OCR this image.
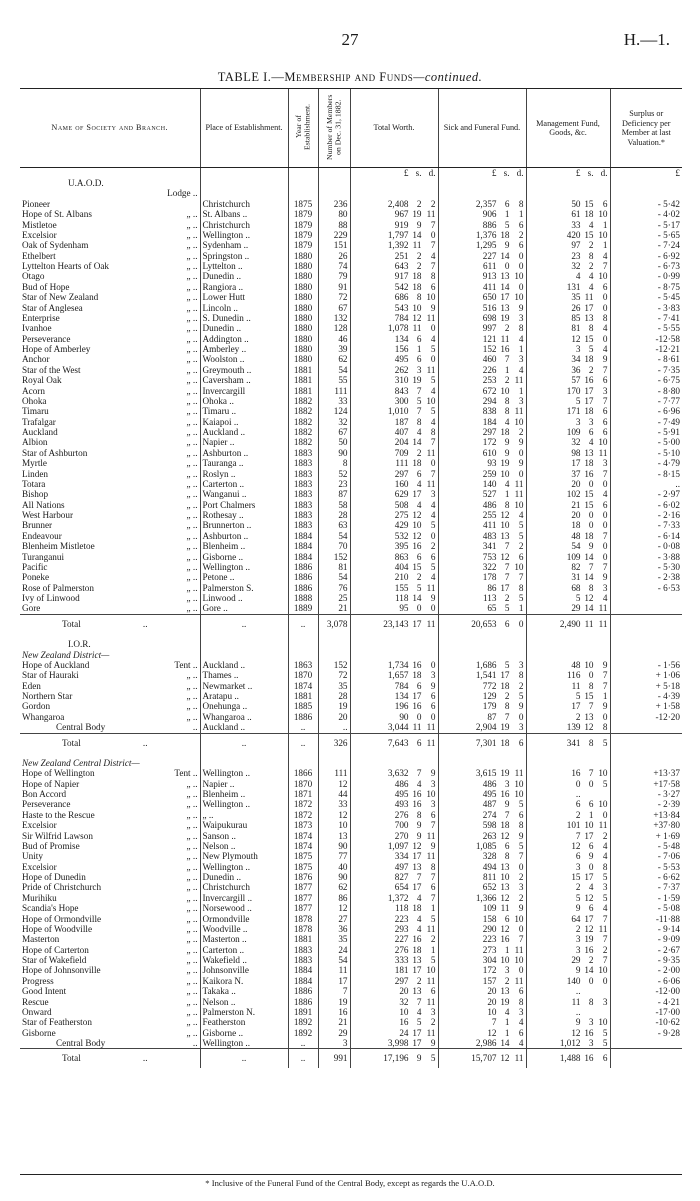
27	H.—1.
TABLE I.—Membership and Funds—continued.
Name of Society and Branch.	Place of Establishment.	Year of Establishment.	Number of Members on Dec. 31, 1882.	Total Worth.	Sick and Funeral Fund.	Management Fund, Goods, &c.	Surplus or Deficiency per Member at last Valuation.*

				£ s. d.	£ s. d.	£ s. d.	£

U.A.O.D.
Lodge ..							

Pioneer	Christchurch	1875	236	2,408 2 2	2,357 6 8	50 15 6	- 5·42

Hope of St. Albans „ ..	St. Albans ..	1879	80	967 19 11	906 1 1	61 18 10	- 4·02

Mistletoe „ ..	Christchurch	1879	88	919 9 7	886 5 6	33 4 1	- 5·17

Excelsior „ ..	Wellington ..	1879	229	1,797 14 0	1,376 18 2	420 15 10	- 5·65

Oak of Sydenham „ ..	Sydenham ..	1879	151	1,392 11 7	1,295 9 6	97 2 1	- 7·24

Ethelbert „ ..	Springston ..	1880	26	251 2 4	227 14 0	23 8 4	- 6·92

Lyttelton Hearts of Oak „ ..	Lyttelton ..	1880	74	643 2 7	611 0 0	32 2 7	- 6·73

Otago „ ..	Dunedin ..	1880	79	917 18 8	913 13 10	4 4 10	- 0·99

Bud of Hope „ ..	Rangiora ..	1880	91	542 18 6	411 14 0	131 4 6	- 8·75

Star of New Zealand „ ..	Lower Hutt	1880	72	686 8 10	650 17 10	35 11 0	- 5·45

Star of Anglesea „ ..	Lincoln ..	1880	67	543 10 9	516 13 9	26 17 0	- 3·83

Enterprise „ ..	S. Dunedin ..	1880	132	784 12 11	698 19 3	85 13 8	- 7·41

Ivanhoe „ ..	Dunedin ..	1880	128	1,078 11 0	997 2 8	81 8 4	- 5·55

Perseverance „ ..	Addington ..	1880	46	134 6 4	121 11 4	12 15 0	-12·58

Hope of Amberley „ ..	Amberley ..	1880	39	156 1 5	152 16 1	3 5 4	-12·21

Anchor „ ..	Woolston ..	1880	62	495 6 0	460 7 3	34 18 9	- 8·61

Star of the West „ ..	Greymouth ..	1881	54	262 3 11	226 1 4	36 2 7	- 7·35

Royal Oak „ ..	Caversham ..	1881	55	310 19 5	253 2 11	57 16 6	- 6·75

Acorn „ ..	Invercargill	1881	111	843 7 4	672 10 1	170 17 3	- 8·80

Ohoka „ ..	Ohoka ..	1882	33	300 5 10	294 8 3	5 17 7	- 7·77

Timaru „ ..	Timaru ..	1882	124	1,010 7 5	838 8 11	171 18 6	- 6·96

Trafalgar „ ..	Kaiapoi ..	1882	32	187 8 4	184 4 10	3 3 6	- 7·49

Auckland „ ..	Auckland ..	1882	67	407 4 8	297 18 2	109 6 6	- 5·91

Albion „ ..	Napier ..	1882	50	204 14 7	172 9 9	32 4 10	- 5·00

Star of Ashburton „ ..	Ashburton ..	1883	90	709 2 11	610 9 0	98 13 11	- 5·10

Myrtle „ ..	Tauranga ..	1883	8	111 18 0	93 19 9	17 18 3	- 4·79

Linden „ ..	Roslyn ..	1883	52	297 6 7	259 10 0	37 16 7	- 8·15

Totara „ ..	Carterton ..	1883	23	160 4 11	140 4 11	20 0 0	..

Bishop „ ..	Wanganui ..	1883	87	629 17 3	527 1 11	102 15 4	- 2·97

All Nations „ ..	Port Chalmers	1883	58	508 4 4	486 8 10	21 15 6	- 6·02

West Harbour „ ..	Rothesay ..	1883	28	275 12 4	255 12 4	20 0 0	- 2·16

Brunner „ ..	Brunnerton ..	1883	63	429 10 5	411 10 5	18 0 0	- 7·33

Endeavour „ ..	Ashburton ..	1884	54	532 12 0	483 13 5	48 18 7	- 6·14

Blenheim Mistletoe „ ..	Blenheim ..	1884	70	395 16 2	341 7 2	54 9 0	- 0·08

Turanganui „ ..	Gisborne ..	1884	152	863 6 6	753 12 6	109 14 0	- 3·88

Pacific „ ..	Wellington ..	1886	81	404 15 5	322 7 10	82 7 7	- 5·30

Poneke „ ..	Petone ..	1886	54	210 2 4	178 7 7	31 14 9	- 2·38

Rose of Palmerston „ ..	Palmerston S.	1886	76	155 5 11	86 17 8	68 8 3	- 6·53

Ivy of Linwood „ ..	Linwood ..	1888	25	118 14 9	113 2 5	5 12 4	

Gore „ ..	Gore ..	1889	21	95 0 0	65 5 1	29 14 11	

Total ..	..	..	3,078	23,143 17 11	20,653 6 0	2,490 11 11	

I.O.R.							

New Zealand District—							

Hope of Auckland Tent ..	Auckland ..	1863	152	1,734 16 0	1,686 5 3	48 10 9	- 1·56

Star of Hauraki „ ..	Thames ..	1870	72	1,657 18 3	1,541 17 8	116 0 7	+ 1·06

Eden „ ..	Newmarket ..	1874	35	784 6 9	772 18 2	11 8 7	+ 5·18

Northern Star „ ..	Aratapu ..	1881	28	134 17 6	129 2 5	5 15 1	- 4·39

Gordon „ ..	Onehunga ..	1885	19	196 16 6	179 8 9	17 7 9	+ 1·58

Whangaroa „ ..	Whangaroa ..	1886	20	90 0 0	87 7 0	2 13 0	-12·20

Central Body ..	Auckland ..	..	..	3,044 11 11	2,904 19 3	139 12 8	

Total ..	..	..	326	7,643 6 11	7,301 18 6	341 8 5	

New Zealand Central District—							

Hope of Wellington Tent ..	Wellington ..	1866	111	3,632 7 9	3,615 19 11	16 7 10	+13·37

Hope of Napier „ ..	Napier ..	1870	12	486 4 3	486 3 10	0 0 5	+17·58

Bon Accord „ ..	Blenheim ..	1871	44	495 16 10	495 16 10	..	- 3·27

Perseverance „ ..	Wellington ..	1872	33	493 16 3	487 9 5	6 6 10	- 2·39

Haste to the Rescue „ ..	„ ..	1872	12	276 8 6	274 7 6	2 1 0	+13·84

Excelsior „ ..	Waipukurau	1873	10	700 9 7	598 18 8	101 10 11	+37·80

Sir Wilfrid Lawson „ ..	Sanson ..	1874	13	270 9 11	263 12 9	7 17 2	+ 1·69

Bud of Promise „ ..	Nelson ..	1874	90	1,097 12 9	1,085 6 5	12 6 4	- 5·48

Unity „ ..	New Plymouth	1875	77	334 17 11	328 8 7	6 9 4	- 7·06

Excelsior „ ..	Wellington ..	1875	40	497 13 8	494 13 0	3 0 8	- 5·53

Hope of Dunedin „ ..	Dunedin ..	1876	90	827 7 7	811 10 2	15 17 5	- 6·62

Pride of Christchurch „ ..	Christchurch	1877	62	654 17 6	652 13 3	2 4 3	- 7·37

Murihiku „ ..	Invercargill ..	1877	86	1,372 4 7	1,366 12 2	5 12 5	- 1·59

Scandia's Hope „ ..	Norsewood ..	1877	12	118 18 1	109 11 9	9 6 4	- 5·08

Hope of Ormondville „ ..	Ormondville	1878	27	223 4 5	158 6 10	64 17 7	-11·88

Hope of Woodville „ ..	Woodville ..	1878	36	293 4 11	290 12 0	2 12 11	- 9·14

Masterton „ ..	Masterton ..	1881	35	227 16 2	223 16 7	3 19 7	- 9·09

Hope of Carterton „ ..	Carterton ..	1883	24	276 18 1	273 1 11	3 16 2	- 2·67

Star of Wakefield „ ..	Wakefield ..	1883	54	333 13 5	304 10 10	29 2 7	- 9·35

Hope of Johnsonville „ ..	Johnsonville	1884	11	181 17 10	172 3 0	9 14 10	- 2·00

Progress „ ..	Kaikora N.	1884	17	297 2 11	157 2 11	140 0 0	- 6·06

Good Intent „ ..	Takaka ..	1886	7	20 13 6	20 13 6	..	-12·00

Rescue „ ..	Nelson ..	1886	19	32 7 11	20 19 8	11 8 3	- 4·21

Onward „ ..	Palmerston N.	1891	16	10 4 3	10 4 3	..	-17·00

Star of Featherston „ ..	Featherston	1892	21	16 5 2	7 1 4	9 3 10	-10·62

Gisborne „ ..	Gisborne ..	1892	29	24 17 11	12 1 6	12 16 5	- 9·28

Central Body ..	Wellington ..	..	3	3,998 17 9	2,986 14 4	1,012 3 5	

Total ..	..	..	991	17,196 9 5	15,707 12 11	1,488 16 6	

* Inclusive of the Funeral Fund of the Central Body, except as regards the U.A.O.D.
